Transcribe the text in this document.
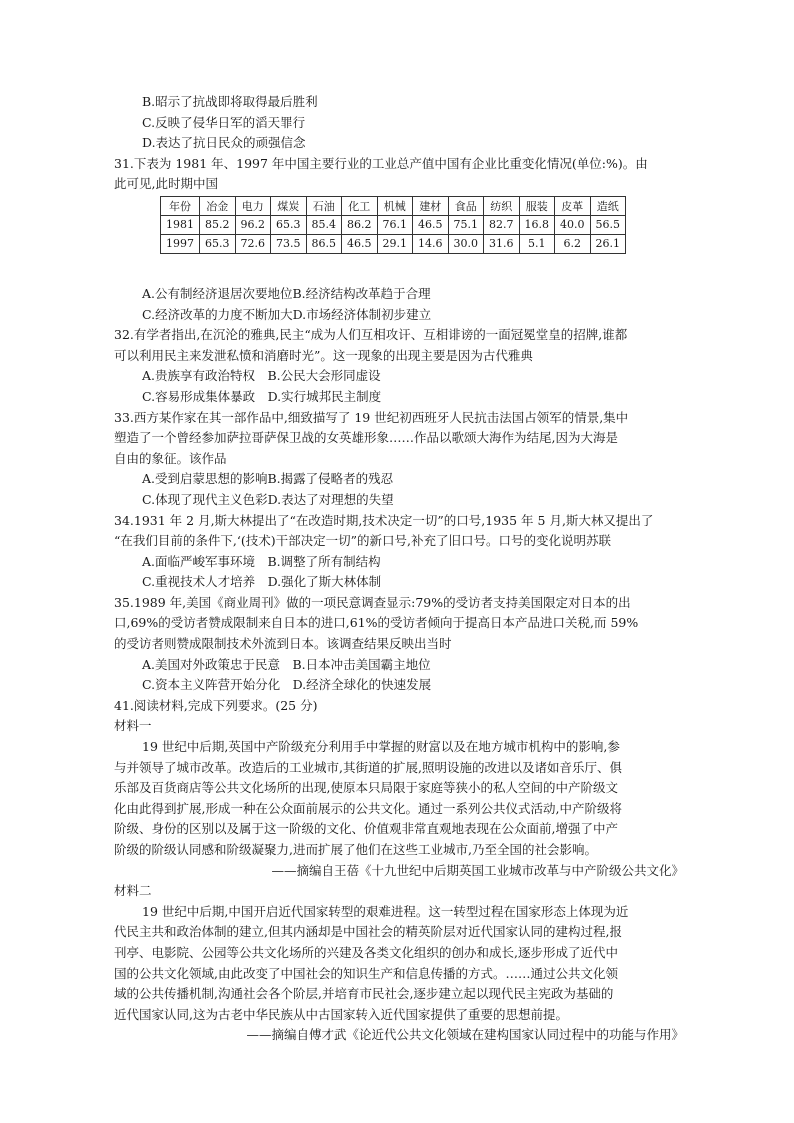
B.昭示了抗战即将取得最后胜利
C.反映了侵华日军的滔天罪行
D.表达了抗日民众的顽强信念
31.下表为 1981 年、1997 年中国主要行业的工业总产值中国有企业比重变化情况(单位:%)。由
此可见,此时期中国
年份	冶金	电力	煤炭	石油	化工	机械	建材	食品	纺织	服装	皮革	造纸
1981	85.2	96.2	65.3	85.4	86.2	76.1	46.5	75.1	82.7	16.8	40.0	56.5
1997	65.3	72.6	73.5	86.5	46.5	29.1	14.6	30.0	31.6	5.1	6.2	26.1
A.公有制经济退居次要地位B.经济结构改革趋于合理
C.经济改革的力度不断加大D.市场经济体制初步建立
32.有学者指出,在沉沦的雅典,民主“成为人们互相攻讦、互相诽谤的一面冠冕堂皇的招牌,谁都
可以利用民主来发泄私愤和消磨时光”。这一现象的出现主要是因为古代雅典
A.贵族享有政治特权　B.公民大会形同虚设
C.容易形成集体暴政　D.实行城邦民主制度
33.西方某作家在其一部作品中,细致描写了 19 世纪初西班牙人民抗击法国占领军的情景,集中
塑造了一个曾经参加萨拉哥萨保卫战的女英雄形象……作品以歌颂大海作为结尾,因为大海是
自由的象征。该作品
A.受到启蒙思想的影响B.揭露了侵略者的残忍
C.体现了现代主义色彩D.表达了对理想的失望
34.1931 年 2 月,斯大林提出了“在改造时期,技术决定一切”的口号,1935 年 5 月,斯大林又提出了
“在我们目前的条件下,‘(技术)干部决定一切”的新口号,补充了旧口号。口号的变化说明苏联
A.面临严峻军事环境　B.调整了所有制结构
C.重视技术人才培养　D.强化了斯大林体制
35.1989 年,美国《商业周刊》做的一项民意调查显示:79%的受访者支持美国限定对日本的出
口,69%的受访者赞成限制来自日本的进口,61%的受访者倾向于提高日本产品进口关税,而 59%
的受访者则赞成限制技术外流到日本。该调查结果反映出当时
A.美国对外政策忠于民意　B.日本冲击美国霸主地位
C.资本主义阵营开始分化　D.经济全球化的快速发展
41.阅读材料,完成下列要求。(25 分)
材料一
19 世纪中后期,英国中产阶级充分利用手中掌握的财富以及在地方城市机构中的影响,参
与并领导了城市改革。改造后的工业城市,其街道的扩展,照明设施的改进以及诸如音乐厅、俱
乐部及百货商店等公共文化场所的出现,使原本只局限于家庭等狭小的私人空间的中产阶级文
化由此得到扩展,形成一种在公众面前展示的公共文化。通过一系列公共仪式活动,中产阶级将
阶级、身份的区别以及属于这一阶级的文化、价值观非常直观地表现在公众面前,增强了中产
阶级的阶级认同感和阶级凝聚力,进而扩展了他们在这些工业城市,乃至全国的社会影响。
——摘编自王蓓《十九世纪中后期英国工业城市改革与中产阶级公共文化》
材料二
19 世纪中后期,中国开启近代国家转型的艰难进程。这一转型过程在国家形态上体现为近
代民主共和政治体制的建立,但其内涵却是中国社会的精英阶层对近代国家认同的建构过程,报
刊亭、电影院、公园等公共文化场所的兴建及各类文化组织的创办和成长,逐步形成了近代中
国的公共文化领域,由此改变了中国社会的知识生产和信息传播的方式。……通过公共文化领
域的公共传播机制,沟通社会各个阶层,并培育市民社会,逐步建立起以现代民主宪政为基础的
近代国家认同,这为古老中华民族从中古国家转入近代国家提供了重要的思想前提。
——摘编自傅才武《论近代公共文化领域在建构国家认同过程中的功能与作用》
